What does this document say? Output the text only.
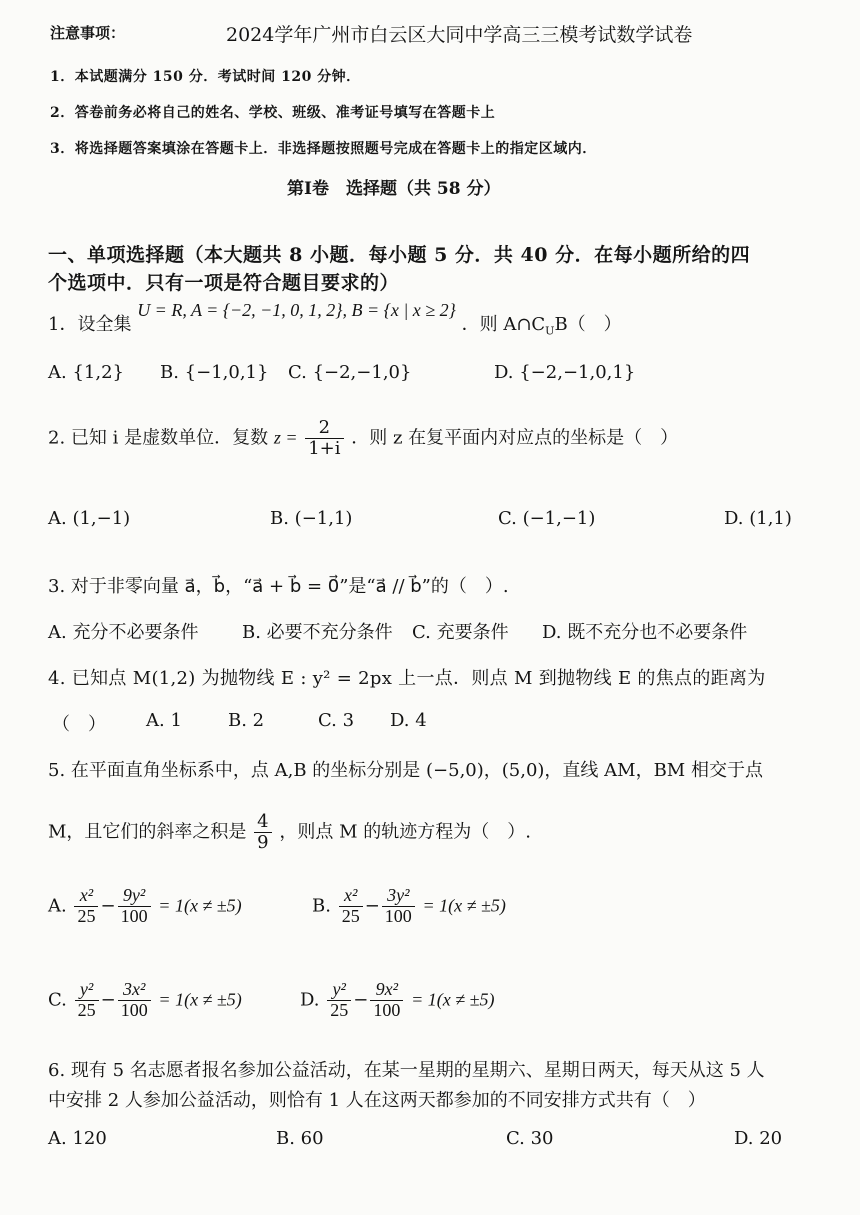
注意事项：	2024学年广州市白云区大同中学高三三模考试数学试卷
1．本试题满分 150 分．考试时间 120 分钟．
2．答卷前务必将自己的姓名、学校、班级、准考证号填写在答题卡上
3．将选择题答案填涂在答题卡上．非选择题按照题号完成在答题卡上的指定区域内．
第Ⅰ卷　选择题（共 58 分）
一、单项选择题（本大题共 8 小题．每小题 5 分．共 40 分．在每小题所给的四
个选项中．只有一项是符合题目要求的）
1．设全集 U = R, A = {−2, −1, 0, 1, 2}, B = {x | x ≥ 2} ．则 $A\cap C_UB$（　）
A. {1,2} B. {−1,0,1} C. {−2,−1,0}	D. {−2,−1,0,1}
2. 已知 i 是虚数单位．复数 $z = \frac{2}{1+i}$ ．则 z 在复平面内对应点的坐标是（　）
A. (1,−1)	B. (−1,1)	C. (−1,−1)	D. (1,1)
3. 对于非零向量 a⃗，b⃗，“a⃗ + b⃗ = 0⃗”是“a⃗ // b⃗”的（　）.
A. 充分不必要条件 B. 必要不充分条件 C. 充要条件 D. 既不充分也不必要条件
4. 已知点 M(1,2) 为抛物线 E : y² = 2px 上一点．则点 M 到抛物线 E 的焦点的距离为
（　） A. 1	B. 2	C. 3 D. 4
5. 在平面直角坐标系中，点 A,B 的坐标分别是 (−5,0)，(5,0)，直线 AM，BM 相交于点
M，且它们的斜率之积是 $\frac{4}{9}$ ，则点 M 的轨迹方程为（　）.
A. $\frac{\text{x²}}{25} - \frac{\text{9y²}}{100} = 1(x \ne \pm 5)$	B. $\frac{\text{x²}}{25} - \frac{\text{3y²}}{100} = 1(x \ne \pm 5)$
C. $\frac{\text{y²}}{25} - \frac{\text{3x²}}{100} = 1(x \ne \pm 5)$	D. $\frac{\text{y²}}{25} - \frac{\text{9x²}}{100} = 1(x \ne \pm 5)$
6. 现有 5 名志愿者报名参加公益活动，在某一星期的星期六、星期日两天，每天从这 5 人
中安排 2 人参加公益活动，则恰有 1 人在这两天都参加的不同安排方式共有（　）
A. 120	B. 60	C. 30	D. 20
